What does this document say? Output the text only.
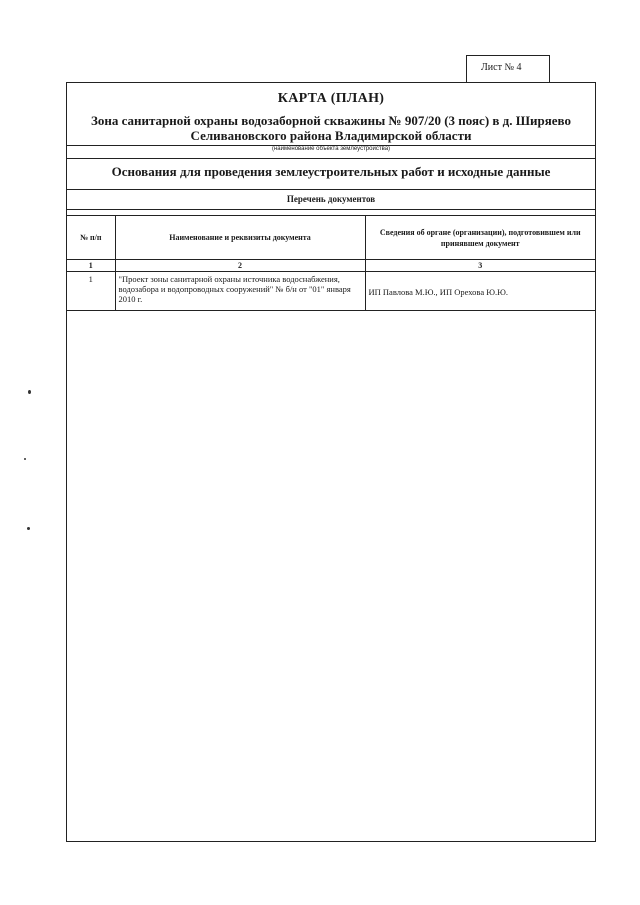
Лист № 4
КАРТА (ПЛАН)
Зона санитарной охраны водозаборной скважины № 907/20 (3 пояс) в д. Ширяево Селивановского района Владимирской области
(наименование объекта землеустройства)
Основания для проведения землеустроительных работ и исходные данные
Перечень документов
№ п/п	Наименование и реквизиты документа	Сведения об органе (организации), подготовившем или принявшем документ
1	2	3
1	"Проект зоны санитарной охраны источника водоснабжения, водозабора и водопроводных сооружений" № б/н от "01" января 2010 г.	ИП Павлова М.Ю., ИП Орехова Ю.Ю.
